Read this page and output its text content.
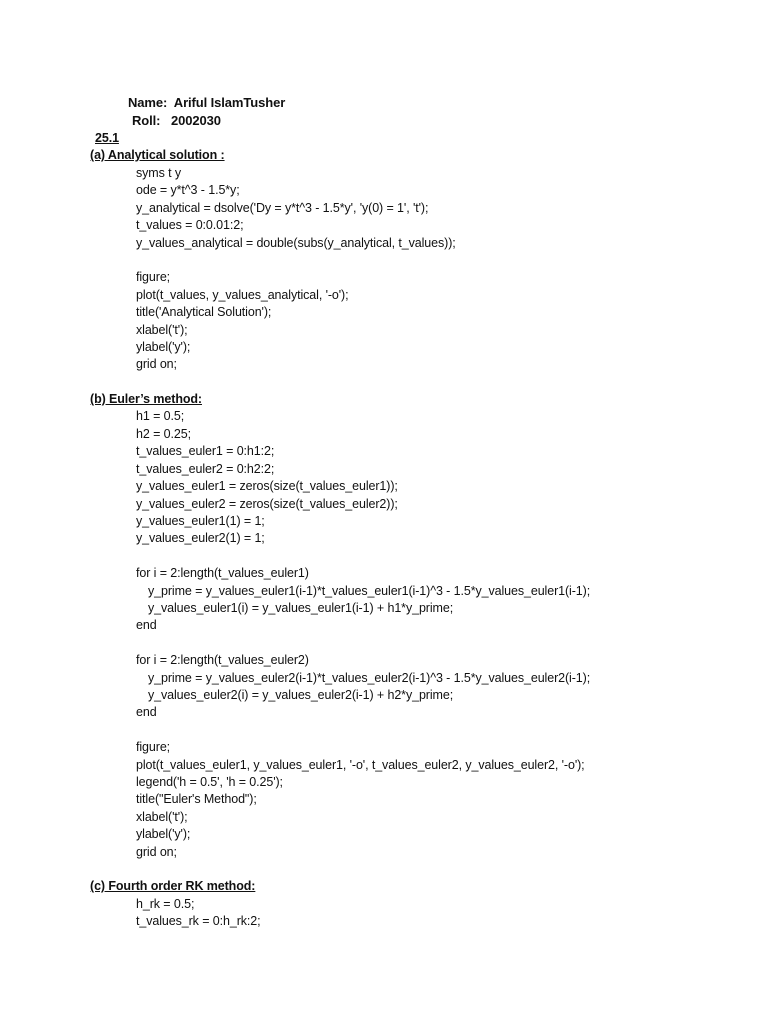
Name: Ariful IslamTusher
Roll: 2002030
25.1
(a) Analytical solution :
syms t y
ode = y*t^3 - 1.5*y;
y_analytical = dsolve('Dy = y*t^3 - 1.5*y', 'y(0) = 1', 't');
t_values = 0:0.01:2;
y_values_analytical = double(subs(y_analytical, t_values));
figure;
plot(t_values, y_values_analytical, '-o');
title('Analytical Solution');
xlabel('t');
ylabel('y');
grid on;
(b) Euler’s method:
h1 = 0.5;
h2 = 0.25;
t_values_euler1 = 0:h1:2;
t_values_euler2 = 0:h2:2;
y_values_euler1 = zeros(size(t_values_euler1));
y_values_euler2 = zeros(size(t_values_euler2));
y_values_euler1(1) = 1;
y_values_euler2(1) = 1;
for i = 2:length(t_values_euler1)
y_prime = y_values_euler1(i-1)*t_values_euler1(i-1)^3 - 1.5*y_values_euler1(i-1);
y_values_euler1(i) = y_values_euler1(i-1) + h1*y_prime;
end
for i = 2:length(t_values_euler2)
y_prime = y_values_euler2(i-1)*t_values_euler2(i-1)^3 - 1.5*y_values_euler2(i-1);
y_values_euler2(i) = y_values_euler2(i-1) + h2*y_prime;
end
figure;
plot(t_values_euler1, y_values_euler1, '-o', t_values_euler2, y_values_euler2, '-o');
legend('h = 0.5', 'h = 0.25');
title("Euler's Method");
xlabel('t');
ylabel('y');
grid on;
(c) Fourth order RK method:
h_rk = 0.5;
t_values_rk = 0:h_rk:2;
